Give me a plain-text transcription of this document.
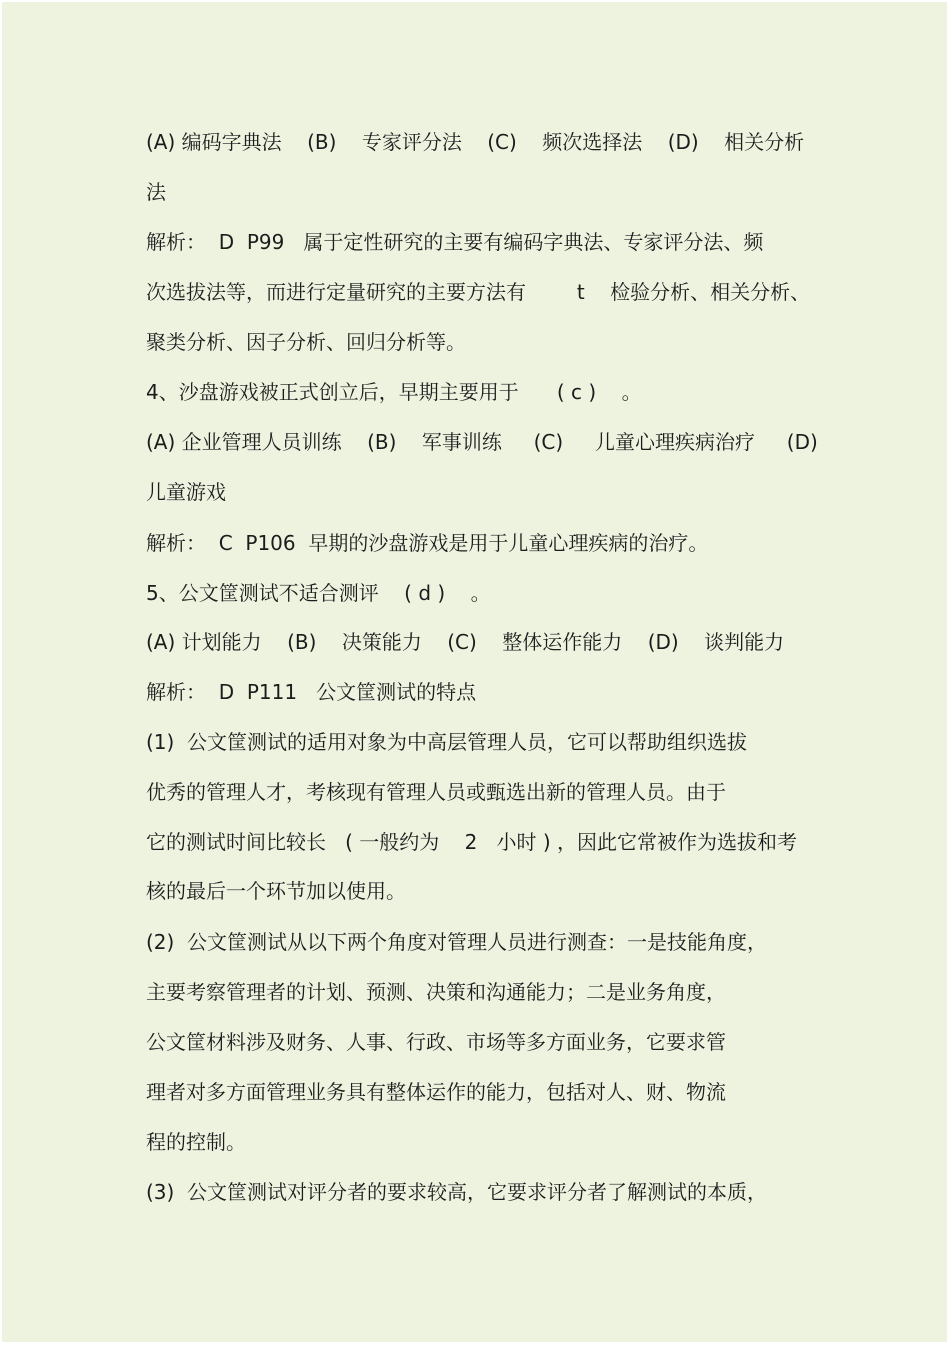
(A) 编码字典法    (B)    专家评分法    (C)    频次选择法    (D)    相关分析
法
解析：  D  P99   属于定性研究的主要有编码字典法、专家评分法、频
次选拔法等，而进行定量研究的主要方法有        t    检验分析、相关分析、
聚类分析、因子分析、回归分析等。
4、沙盘游戏被正式创立后，早期主要用于      ( c )    。
(A) 企业管理人员训练    (B)    军事训练     (C)     儿童心理疾病治疗     (D)
儿童游戏
解析：  C  P106  早期的沙盘游戏是用于儿童心理疾病的治疗。
5、公文筐测试不适合测评    ( d )    。
(A) 计划能力    (B)    决策能力    (C)    整体运作能力    (D)    谈判能力
解析：  D  P111   公文筐测试的特点
(1)  公文筐测试的适用对象为中高层管理人员，它可以帮助组织选拔
优秀的管理人才，考核现有管理人员或甄选出新的管理人员。由于
它的测试时间比较长   ( 一般约为    2   小时 ) ，因此它常被作为选拔和考
核的最后一个环节加以使用。
(2)  公文筐测试从以下两个角度对管理人员进行测查：一是技能角度，
主要考察管理者的计划、预测、决策和沟通能力；二是业务角度，
公文筐材料涉及财务、人事、行政、市场等多方面业务，它要求管
理者对多方面管理业务具有整体运作的能力，包括对人、财、物流
程的控制。
(3)  公文筐测试对评分者的要求较高，它要求评分者了解测试的本质，
